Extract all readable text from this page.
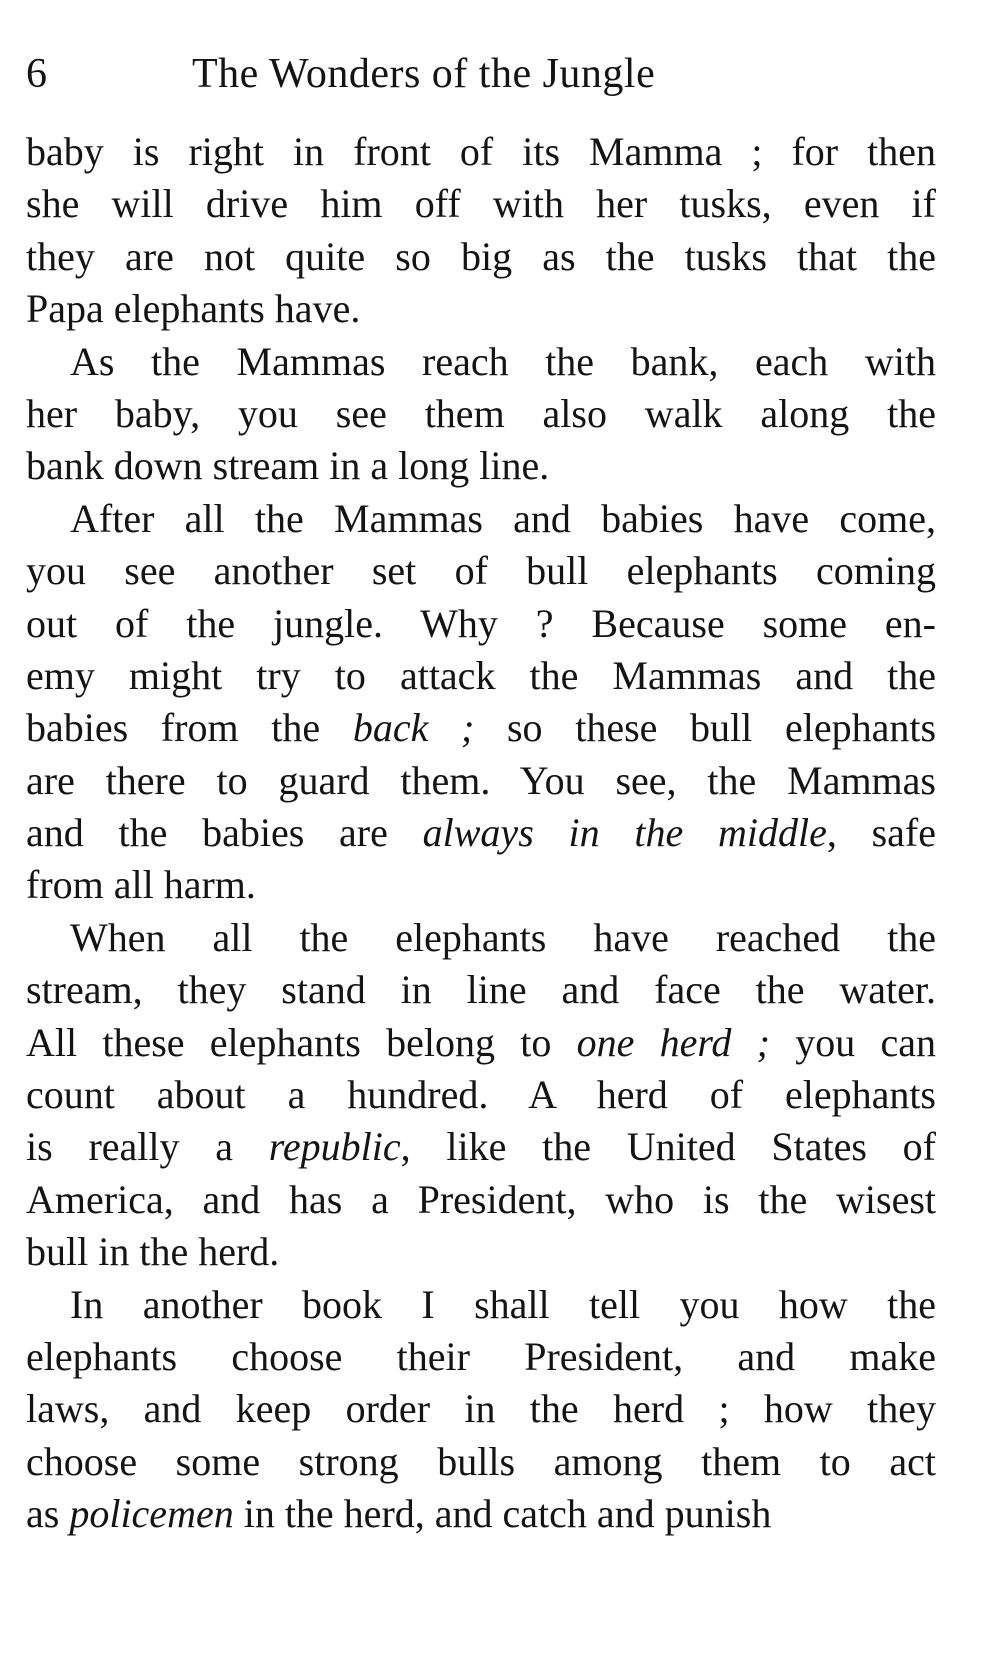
6	The Wonders of the Jungle
baby is right in front of its Mamma ; for then
she will drive him off with her tusks, even if
they are not quite so big as the tusks that the
Papa elephants have.
As the Mammas reach the bank, each with
her baby, you see them also walk along the
bank down stream in a long line.
After all the Mammas and babies have come,
you see another set of bull elephants coming
out of the jungle. Why ? Because some en-
emy might try to attack the Mammas and the
babies from the back ; so these bull elephants
are there to guard them. You see, the Mammas
and the babies are always in the middle, safe
from all harm.
When all the elephants have reached the
stream, they stand in line and face the water.
All these elephants belong to one herd ; you can
count about a hundred. A herd of elephants
is really a republic, like the United States of
America, and has a President, who is the wisest
bull in the herd.
In another book I shall tell you how the
elephants choose their President, and make
laws, and keep order in the herd ; how they
choose some strong bulls among them to act
as policemen in the herd, and catch and punish
